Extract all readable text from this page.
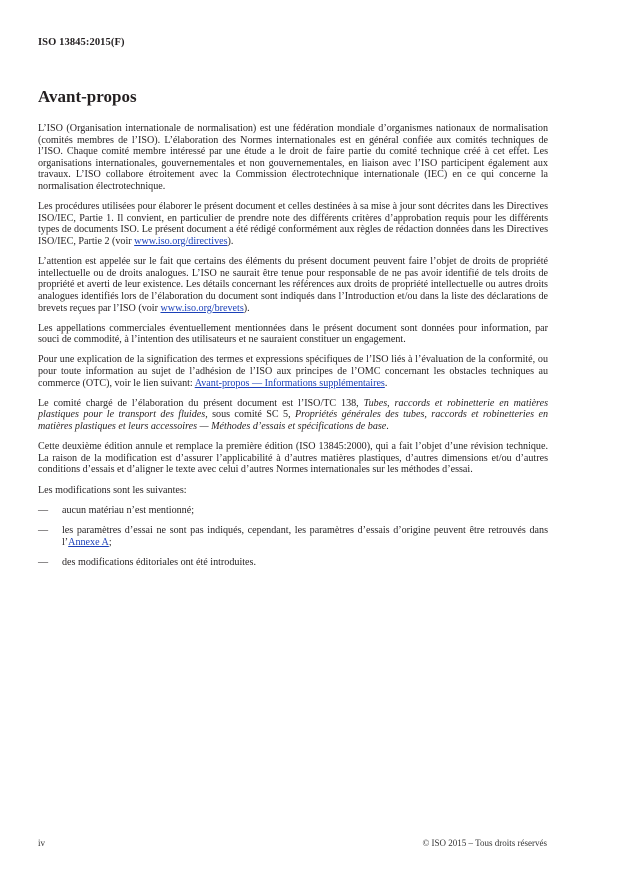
ISO 13845:2015(F)
Avant-propos

L’ISO (Organisation internationale de normalisation) est une fédération mondiale d’organismes nationaux de normalisation (comités membres de l’ISO). L’élaboration des Normes internationales est en général confiée aux comités techniques de l’ISO. Chaque comité membre intéressé par une étude a le droit de faire partie du comité technique créé à cet effet. Les organisations internationales, gouvernementales et non gouvernementales, en liaison avec l’ISO participent également aux travaux. L’ISO collabore étroitement avec la Commission électrotechnique internationale (IEC) en ce qui concerne la normalisation électrotechnique.

Les procédures utilisées pour élaborer le présent document et celles destinées à sa mise à jour sont décrites dans les Directives ISO/IEC, Partie 1. Il convient, en particulier de prendre note des différents critères d’approbation requis pour les différents types de documents ISO. Le présent document a été rédigé conformément aux règles de rédaction données dans les Directives ISO/IEC, Partie 2 (voir www.iso.org/directives).

L’attention est appelée sur le fait que certains des éléments du présent document peuvent faire l’objet de droits de propriété intellectuelle ou de droits analogues. L’ISO ne saurait être tenue pour responsable de ne pas avoir identifié de tels droits de propriété et averti de leur existence. Les détails concernant les références aux droits de propriété intellectuelle ou autres droits analogues identifiés lors de l’élaboration du document sont indiqués dans l’Introduction et/ou dans la liste des déclarations de brevets reçues par l’ISO (voir www.iso.org/brevets).

Les appellations commerciales éventuellement mentionnées dans le présent document sont données pour information, par souci de commodité, à l’intention des utilisateurs et ne sauraient constituer un engagement.

Pour une explication de la signification des termes et expressions spécifiques de l’ISO liés à l’évaluation de la conformité, ou pour toute information au sujet de l’adhésion de l’ISO aux principes de l’OMC concernant les obstacles techniques au commerce (OTC), voir le lien suivant: Avant-propos — Informations supplémentaires.

Le comité chargé de l’élaboration du présent document est l’ISO/TC 138, Tubes, raccords et robinetterie en matières plastiques pour le transport des fluides, sous comité SC 5, Propriétés générales des tubes, raccords et robinetteries en matières plastiques et leurs accessoires — Méthodes d’essais et spécifications de base.

Cette deuxième édition annule et remplace la première édition (ISO 13845:2000), qui a fait l’objet d’une révision technique. La raison de la modification est d’assurer l’applicabilité à d’autres matières plastiques, d’autres dimensions et/ou d’autres conditions d’essais et d’aligner le texte avec celui d’autres Normes internationales sur les méthodes d’essai.

Les modifications sont les suivantes:

— aucun matériau n’est mentionné;
— les paramètres d’essai ne sont pas indiqués, cependant, les paramètres d’essais d’origine peuvent être retrouvés dans l’Annexe A;
— des modifications éditoriales ont été introduites.
iv	© ISO 2015 – Tous droits réservés
